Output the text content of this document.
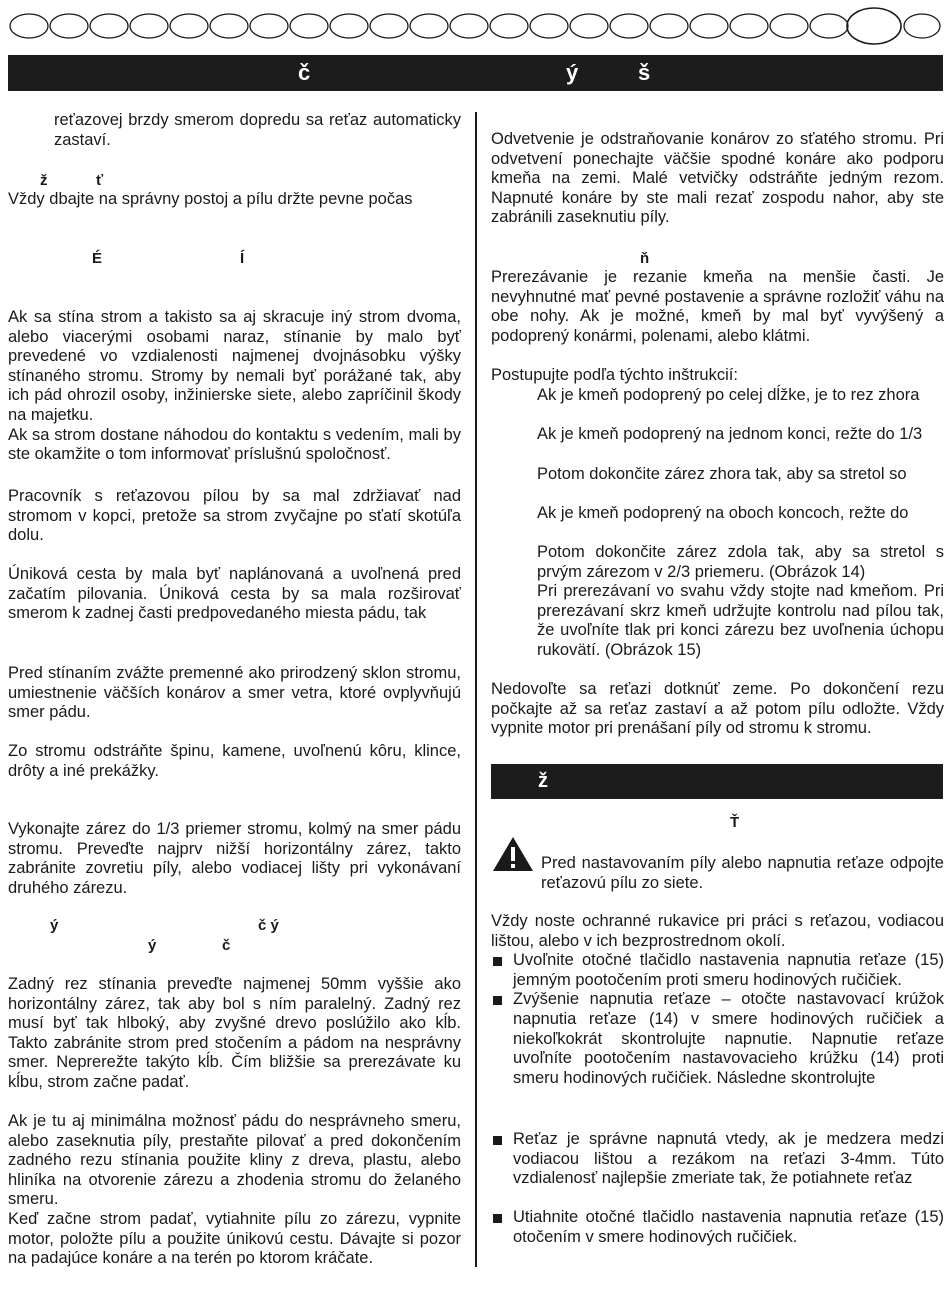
č	ý	š

reťazovej brzdy smerom dopredu sa reťaz automaticky zastaví.

ž	ť

Vždy dbajte na správny postoj a pílu držte pevne počas

É	Í

Ak sa stína strom a takisto sa aj skracuje iný strom dvoma, alebo viacerými osobami naraz, stínanie by malo byť prevedené vo vzdialenosti najmenej dvojnásobku výšky stínaného stromu. Stromy by nemali byť porážané tak, aby ich pád ohrozil osoby, inžinierske siete, alebo zapríčinil škody na majetku.

Ak sa strom dostane náhodou do kontaktu s vedením, mali by ste okamžite o tom informovať príslušnú spoločnosť.

Pracovník s reťazovou pílou by sa mal zdržiavať nad stromom v kopci, pretože sa strom zvyčajne po sťatí skotúľa dolu.

Úniková cesta by mala byť naplánovaná a uvoľnená pred začatím pilovania. Úniková cesta by sa mala rozširovať smerom k zadnej časti predpovedaného miesta pádu, tak

Pred stínaním zvážte premenné ako prirodzený sklon stromu, umiestnenie väčších konárov a smer vetra, ktoré ovplyvňujú smer pádu.

Zo stromu odstráňte špinu, kamene, uvoľnenú kôru, klince, drôty a iné prekážky.

Vykonajte zárez do 1/3 priemer stromu, kolmý na smer pádu stromu. Preveďte najprv nižší horizontálny zárez, takto zabránite zovretiu píly, alebo vodiacej lišty pri vykonávaní druhého zárezu.

ý	č ý
ý	č

Zadný rez stínania preveďte najmenej 50mm vyššie ako horizontálny zárez, tak aby bol s ním paralelný. Zadný rez musí byť tak hlboký, aby zvyšné drevo poslúžilo ako kĺb. Takto zabránite strom pred stočením a pádom na nesprávny smer. Neprerežte takýto kĺb. Čím bližšie sa prerezávate ku kĺbu, strom začne padať.

Ak je tu aj minimálna možnosť pádu do nesprávneho smeru, alebo zaseknutia píly, prestaňte pilovať a pred dokončením zadného rezu stínania použite kliny z dreva, plastu, alebo hliníka na otvorenie zárezu a zhodenia stromu do želaného smeru.

Keď začne strom padať, vytiahnite pílu zo zárezu, vypnite motor, položte pílu a použite únikovú cestu. Dávajte si pozor na padajúce konáre a na terén po ktorom kráčate.

Odvetvenie je odstraňovanie konárov zo sťatého stromu. Pri odvetvení ponechajte väčšie spodné konáre ako podporu kmeňa na zemi. Malé vetvičky odstráňte jedným rezom. Napnuté konáre by ste mali rezať zospodu nahor, aby ste zabránili zaseknutiu píly.

ň

Prerezávanie je rezanie kmeňa na menšie časti. Je nevyhnutné mať pevné postavenie a správne rozložiť váhu na obe nohy. Ak je možné, kmeň by mal byť vyvýšený a podoprený konármi, polenami, alebo klátmi.

Postupujte podľa týchto inštrukcií:

Ak je kmeň podoprený po celej dĺžke, je to rez zhora

Ak je kmeň podoprený na jednom konci, režte do 1/3

Potom dokončite zárez zhora tak, aby sa stretol so

Ak je kmeň podoprený na oboch koncoch, režte do

Potom dokončite zárez zdola tak, aby sa stretol s prvým zárezom v 2/3 priemeru. (Obrázok 14)

Pri prerezávaní vo svahu vždy stojte nad kmeňom. Pri prerezávaní skrz kmeň udržujte kontrolu nad pílou tak, že uvoľníte tlak pri konci zárezu bez uvoľnenia úchopu rukovätí. (Obrázok 15)

Nedovoľte sa reťazi dotknúť zeme. Po dokončení rezu počkajte až sa reťaz zastaví a až potom pílu odložte. Vždy vypnite motor pri prenášaní píly od stromu k stromu.

ž
Ť

Pred nastavovaním píly alebo napnutia reťaze odpojte reťazovú pílu zo siete.

Vždy noste ochranné rukavice pri práci s reťazou, vodiacou lištou, alebo v ich bezprostrednom okolí.

Uvoľnite otočné tlačidlo nastavenia napnutia reťaze (15) jemným pootočením proti smeru hodinových ručičiek.

Zvýšenie napnutia reťaze – otočte nastavovací krúžok napnutia reťaze (14) v smere hodinových ručičiek a niekoľkokrát skontrolujte napnutie. Napnutie reťaze uvoľníte pootočením nastavovacieho krúžku (14) proti smeru hodinových ručičiek. Následne skontrolujte

Reťaz je správne napnutá vtedy, ak je medzera medzi vodiacou lištou a rezákom na reťazi 3-4mm. Túto vzdialenosť najlepšie zmeriate tak, že potiahnete reťaz

Utiahnite otočné tlačidlo nastavenia napnutia reťaze (15) otočením v smere hodinových ručičiek.
